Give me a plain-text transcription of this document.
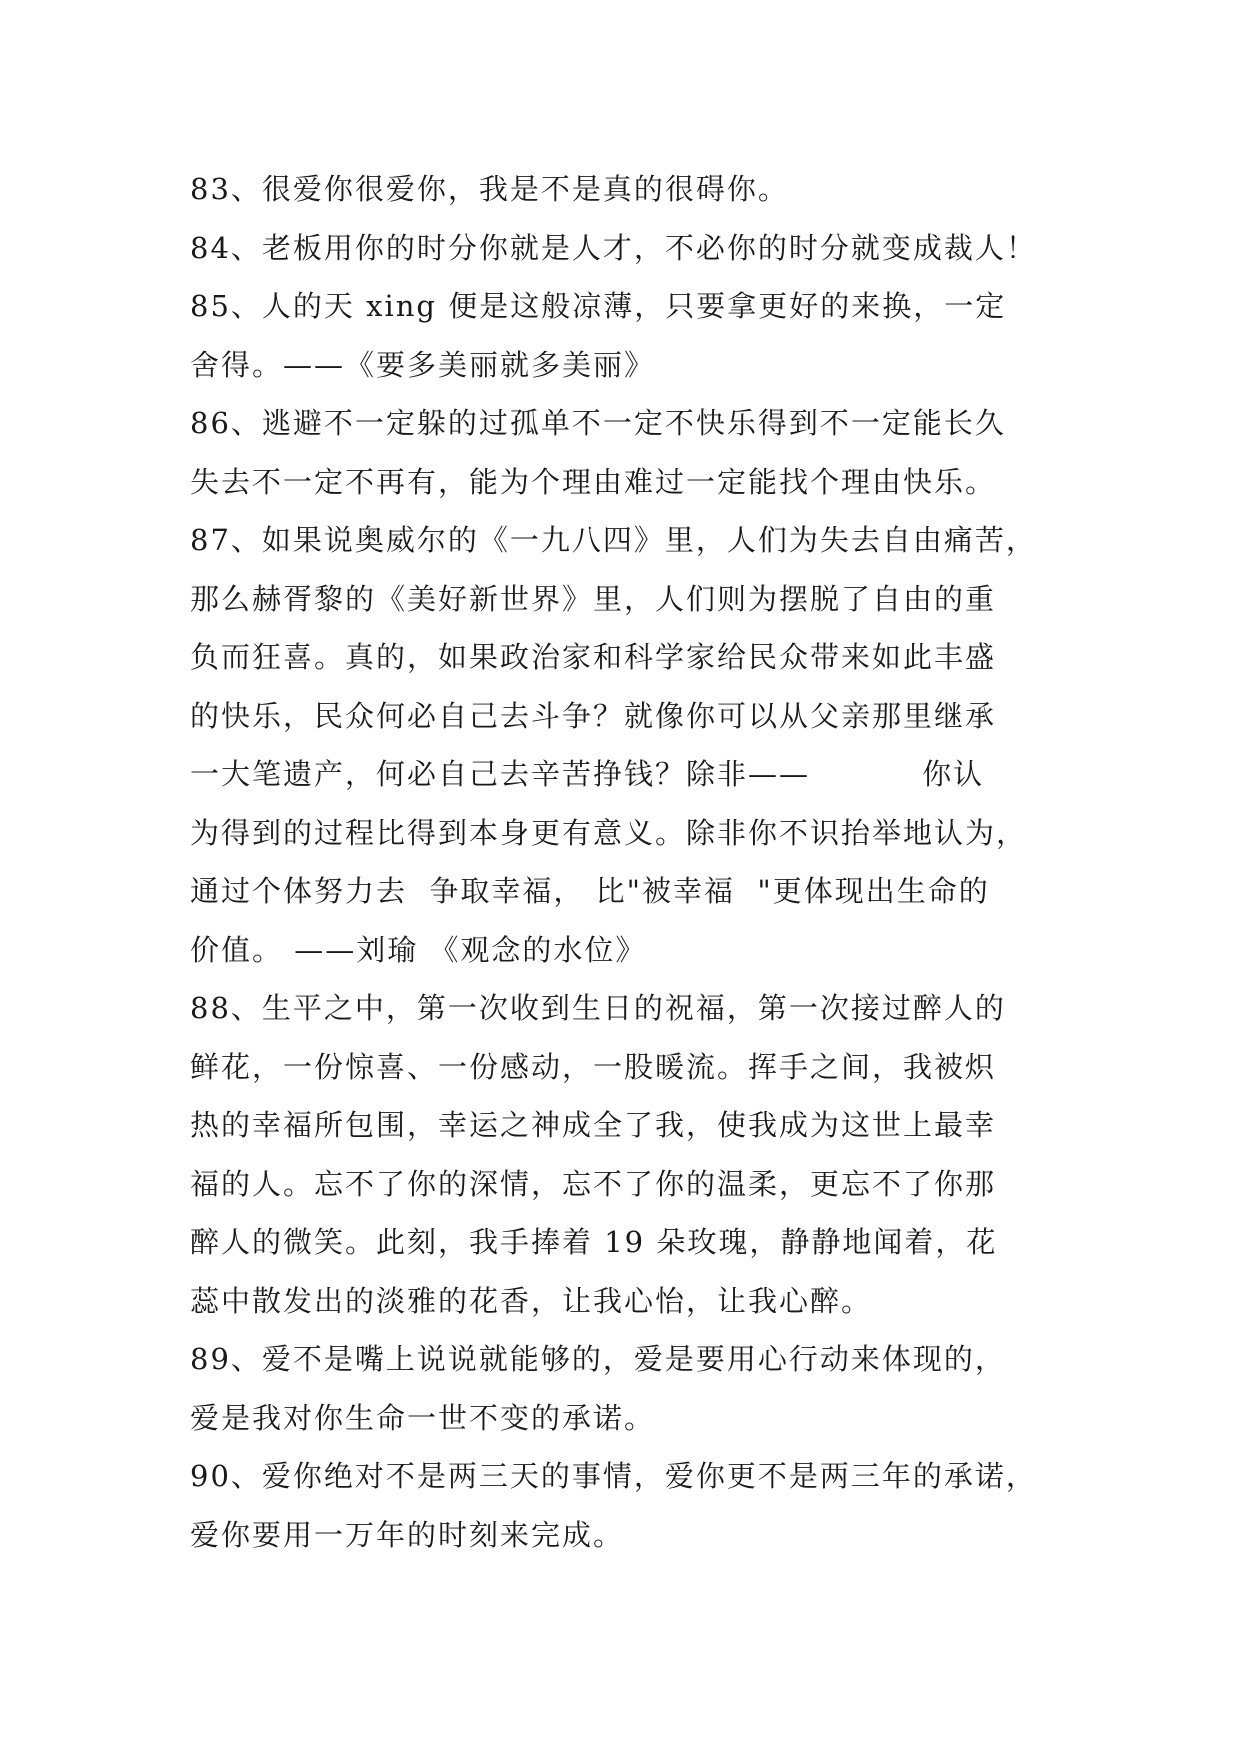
83、很爱你很爱你，我是不是真的很碍你。
84、老板用你的时分你就是人才，不必你的时分就变成裁人！
85、人的天 xing 便是这般凉薄，只要拿更好的来换，一定
舍得。——《要多美丽就多美丽》
86、逃避不一定躲的过孤单不一定不快乐得到不一定能长久
失去不一定不再有，能为个理由难过一定能找个理由快乐。
87、如果说奥威尔的《一九八四》里，人们为失去自由痛苦，
那么赫胥黎的《美好新世界》里，人们则为摆脱了自由的重
负而狂喜。真的，如果政治家和科学家给民众带来如此丰盛
的快乐，民众何必自己去斗争？就像你可以从父亲那里继承
一大笔遗产，何必自己去辛苦挣钱？除非——          你认
为得到的过程比得到本身更有意义。除非你不识抬举地认为，
通过个体努力去  争取幸福， 比"被幸福  "更体现出生命的
价值。 ——刘瑜 《观念的水位》
88、生平之中，第一次收到生日的祝福，第一次接过醉人的
鲜花，一份惊喜、一份感动，一股暖流。挥手之间，我被炽
热的幸福所包围，幸运之神成全了我，使我成为这世上最幸
福的人。忘不了你的深情，忘不了你的温柔，更忘不了你那
醉人的微笑。此刻，我手捧着 19 朵玫瑰，静静地闻着，花
蕊中散发出的淡雅的花香，让我心怡，让我心醉。
89、爱不是嘴上说说就能够的，爱是要用心行动来体现的，
爱是我对你生命一世不变的承诺。
90、爱你绝对不是两三天的事情，爱你更不是两三年的承诺，
爱你要用一万年的时刻来完成。
